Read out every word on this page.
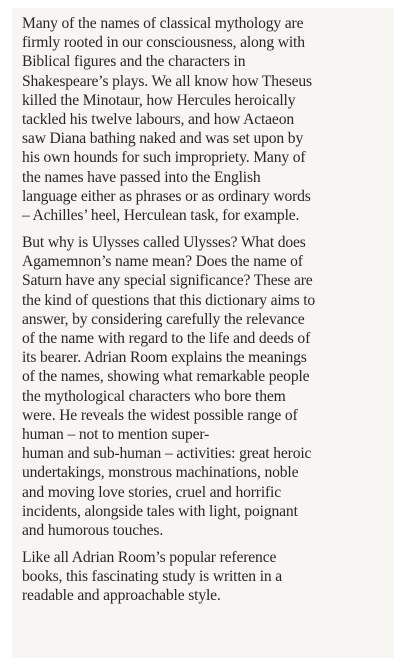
Many of the names of classical mythology are
firmly rooted in our consciousness, along with
Biblical figures and the characters in
Shakespeare’s plays. We all know how Theseus
killed the Minotaur, how Hercules heroically
tackled his twelve labours, and how Actaeon
saw Diana bathing naked and was set upon by
his own hounds for such impropriety. Many of
the names have passed into the English
language either as phrases or as ordinary words
– Achilles’ heel, Herculean task, for example.
But why is Ulysses called Ulysses? What does
Agamemnon’s name mean? Does the name of
Saturn have any special significance? These are
the kind of questions that this dictionary aims to
answer, by considering carefully the relevance
of the name with regard to the life and deeds of
its bearer. Adrian Room explains the meanings
of the names, showing what remarkable people
the mythological characters who bore them
were. He reveals the widest possible range of
human – not to mention super-
human and sub-human – activities: great heroic
undertakings, monstrous machinations, noble
and moving love stories, cruel and horrific
incidents, alongside tales with light, poignant
and humorous touches.
Like all Adrian Room’s popular reference
books, this fascinating study is written in a
readable and approachable style.
